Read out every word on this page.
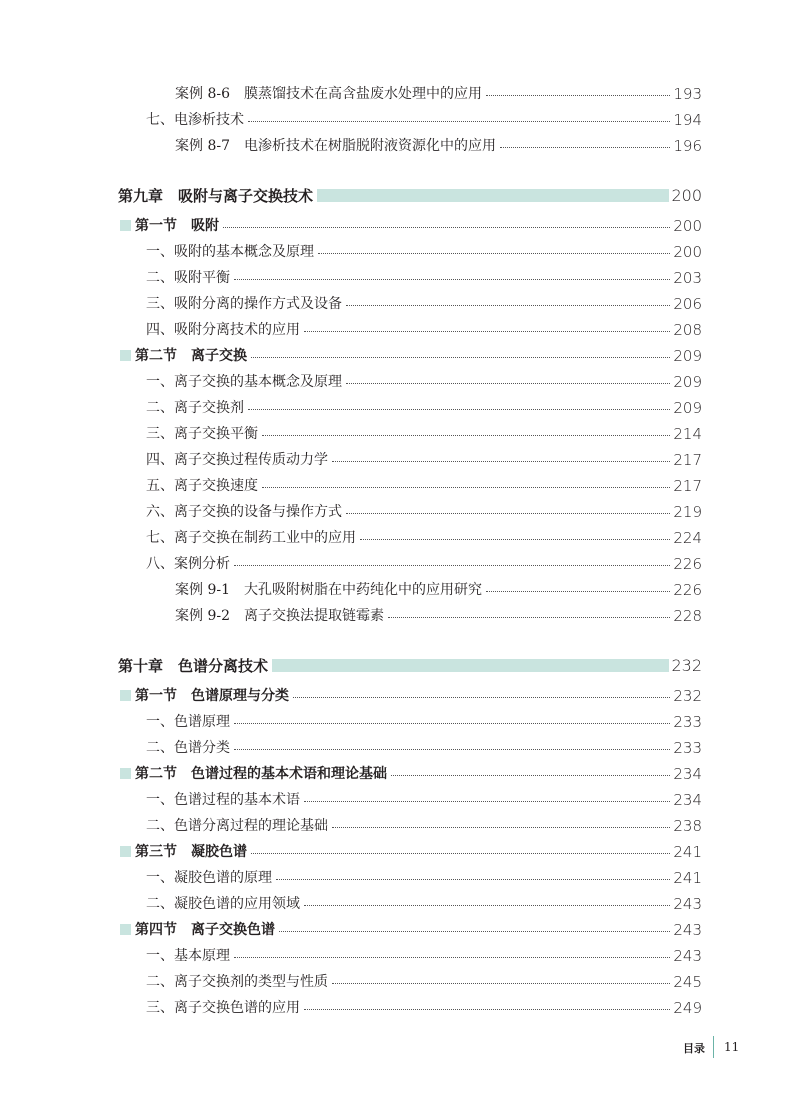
案例 8-6　膜蒸馏技术在高含盐废水处理中的应用	193
七、电渗析技术	194
案例 8-7　电渗析技术在树脂脱附液资源化中的应用	196
第九章　吸附与离子交换技术	200
第一节　吸附	200
一、吸附的基本概念及原理	200
二、吸附平衡	203
三、吸附分离的操作方式及设备	206
四、吸附分离技术的应用	208
第二节　离子交换	209
一、离子交换的基本概念及原理	209
二、离子交换剂	209
三、离子交换平衡	214
四、离子交换过程传质动力学	217
五、离子交换速度	217
六、离子交换的设备与操作方式	219
七、离子交换在制药工业中的应用	224
八、案例分析	226
案例 9-1　大孔吸附树脂在中药纯化中的应用研究	226
案例 9-2　离子交换法提取链霉素	228
第十章　色谱分离技术	232
第一节　色谱原理与分类	232
一、色谱原理	233
二、色谱分类	233
第二节　色谱过程的基本术语和理论基础	234
一、色谱过程的基本术语	234
二、色谱分离过程的理论基础	238
第三节　凝胶色谱	241
一、凝胶色谱的原理	241
二、凝胶色谱的应用领域	243
第四节　离子交换色谱	243
一、基本原理	243
二、离子交换剂的类型与性质	245
三、离子交换色谱的应用	249
目录 11
